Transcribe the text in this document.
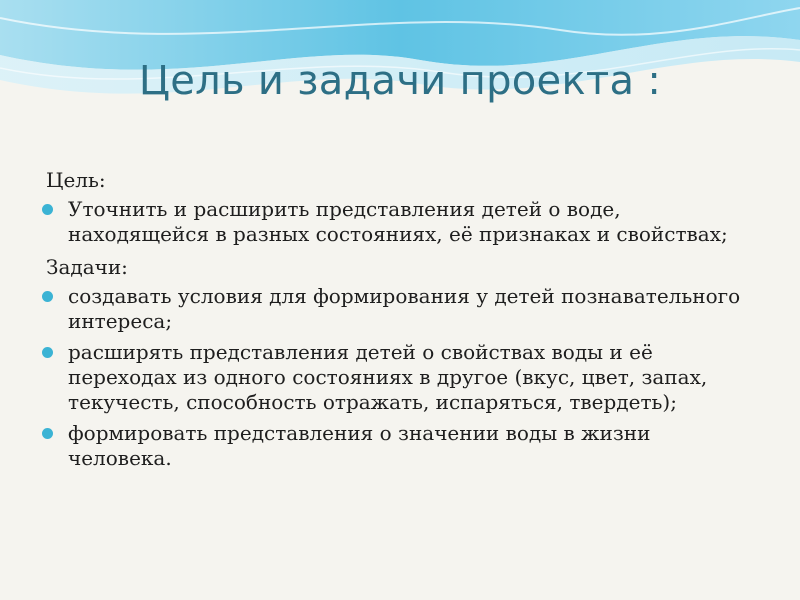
Цель и задачи проекта :
Цель:
Уточнить и расширить представления детей о воде, находящейся в разных состояниях, её признаках и свойствах;
Задачи:
создавать условия для формирования у детей познавательного интереса;
расширять представления детей о свойствах воды и её переходах из одного состояниях в другое (вкус, цвет, запах, текучесть, способность отражать, испаряться, твердеть);
формировать представления о значении воды в жизни человека.
